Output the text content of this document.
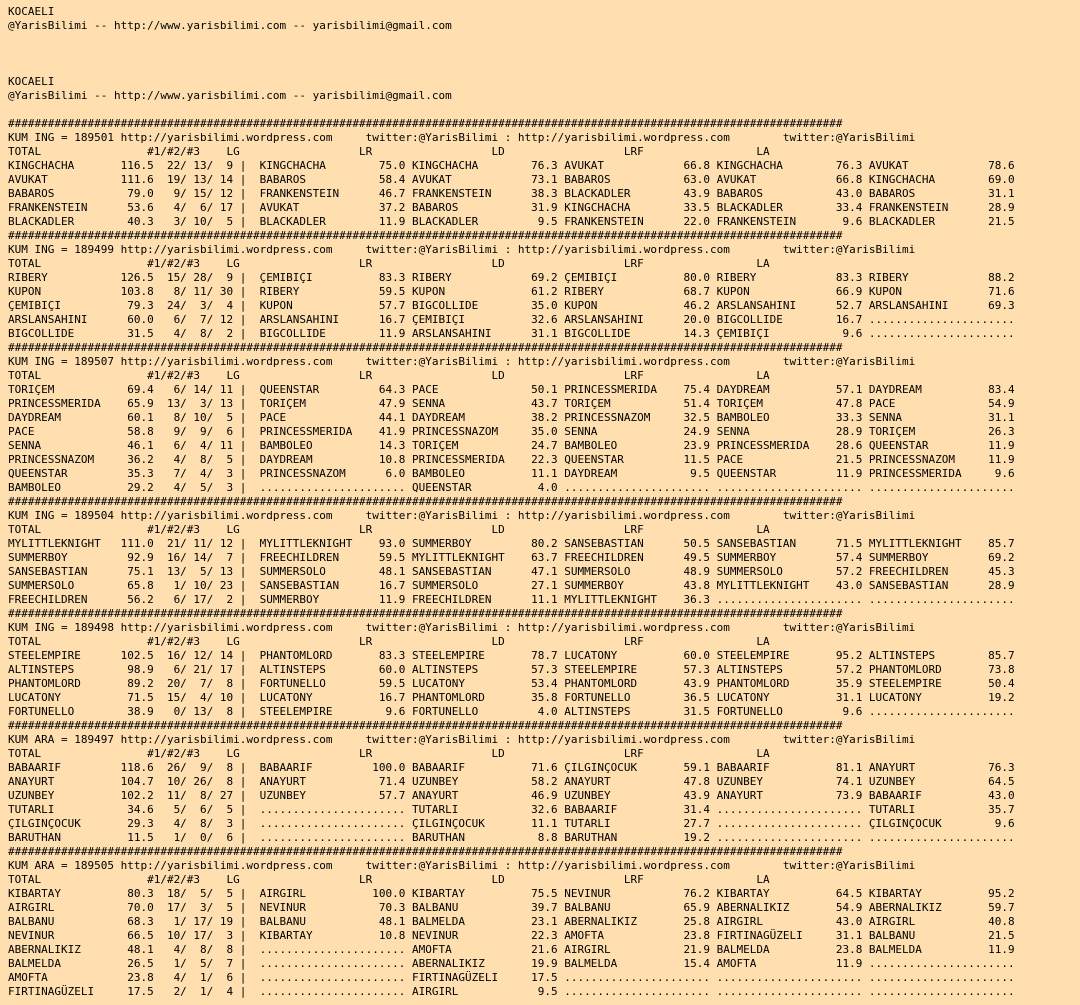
KOCAELI
@YarisBilimi -- http://www.yarisbilimi.com -- yarisbilimi@gmail.com

KOCAELI
@YarisBilimi -- http://www.yarisbilimi.com -- yarisbilimi@gmail.com

##############################################################################################################################
KUM ING = 189501 http://yarisbilimi.wordpress.com     twitter:@YarisBilimi : http://yarisbilimi.wordpress.com        twitter:@YarisBilimi
TOTAL                #1/#2/#3    LG                  LR                  LD                  LRF                 LA
KINGCHACHA       116.5  22/ 13/  9 |  KINGCHACHA        75.0 KINGCHACHA        76.3 AVUKAT            66.8 KINGCHACHA        76.3 AVUKAT            78.6
AVUKAT           111.6  19/ 13/ 14 |  BABAROS           58.4 AVUKAT            73.1 BABAROS           63.0 AVUKAT            66.8 KINGCHACHA        69.0
BABAROS           79.0   9/ 15/ 12 |  FRANKENSTEIN      46.7 FRANKENSTEIN      38.3 BLACKADLER        43.9 BABAROS           43.0 BABAROS           31.1
FRANKENSTEIN      53.6   4/  6/ 17 |  AVUKAT            37.2 BABAROS           31.9 KINGCHACHA        33.5 BLACKADLER        33.4 FRANKENSTEIN      28.9
BLACKADLER        40.3   3/ 10/  5 |  BLACKADLER        11.9 BLACKADLER         9.5 FRANKENSTEIN      22.0 FRANKENSTEIN       9.6 BLACKADLER        21.5
##############################################################################################################################
KUM ING = 189499 http://yarisbilimi.wordpress.com     twitter:@YarisBilimi : http://yarisbilimi.wordpress.com        twitter:@YarisBilimi
TOTAL                #1/#2/#3    LG                  LR                  LD                  LRF                 LA
RIBERY           126.5  15/ 28/  9 |  ÇEMIBIÇI          83.3 RIBERY            69.2 ÇEMIBIÇI          80.0 RIBERY            83.3 RIBERY            88.2
KUPON            103.8   8/ 11/ 30 |  RIBERY            59.5 KUPON             61.2 RIBERY            68.7 KUPON             66.9 KUPON             71.6
ÇEMIBIÇI          79.3  24/  3/  4 |  KUPON             57.7 BIGCOLLIDE        35.0 KUPON             46.2 ARSLANSAHINI      52.7 ARSLANSAHINI      69.3
ARSLANSAHINI      60.0   6/  7/ 12 |  ARSLANSAHINI      16.7 ÇEMIBIÇI          32.6 ARSLANSAHINI      20.0 BIGCOLLIDE        16.7 ......................
BIGCOLLIDE        31.5   4/  8/  2 |  BIGCOLLIDE        11.9 ARSLANSAHINI      31.1 BIGCOLLIDE        14.3 ÇEMIBIÇI           9.6 ......................
##############################################################################################################################
KUM ING = 189507 http://yarisbilimi.wordpress.com     twitter:@YarisBilimi : http://yarisbilimi.wordpress.com        twitter:@YarisBilimi
TOTAL                #1/#2/#3    LG                  LR                  LD                  LRF                 LA
TORIÇEM           69.4   6/ 14/ 11 |  QUEENSTAR         64.3 PACE              50.1 PRINCESSMERIDA    75.4 DAYDREAM          57.1 DAYDREAM          83.4
PRINCESSMERIDA    65.9  13/  3/ 13 |  TORIÇEM           47.9 SENNA             43.7 TORIÇEM           51.4 TORIÇEM           47.8 PACE              54.9
DAYDREAM          60.1   8/ 10/  5 |  PACE              44.1 DAYDREAM          38.2 PRINCESSNAZOM     32.5 BAMBOLEO          33.3 SENNA             31.1
PACE              58.8   9/  9/  6 |  PRINCESSMERIDA    41.9 PRINCESSNAZOM     35.0 SENNA             24.9 SENNA             28.9 TORIÇEM           26.3
SENNA             46.1   6/  4/ 11 |  BAMBOLEO          14.3 TORIÇEM           24.7 BAMBOLEO          23.9 PRINCESSMERIDA    28.6 QUEENSTAR         11.9
PRINCESSNAZOM     36.2   4/  8/  5 |  DAYDREAM          10.8 PRINCESSMERIDA    22.3 QUEENSTAR         11.5 PACE              21.5 PRINCESSNAZOM     11.9
QUEENSTAR         35.3   7/  4/  3 |  PRINCESSNAZOM      6.0 BAMBOLEO          11.1 DAYDREAM           9.5 QUEENSTAR         11.9 PRINCESSMERIDA     9.6
BAMBOLEO          29.2   4/  5/  3 |  ...................... QUEENSTAR          4.0 ...................... ...................... ......................
##############################################################################################################################
KUM ING = 189504 http://yarisbilimi.wordpress.com     twitter:@YarisBilimi : http://yarisbilimi.wordpress.com        twitter:@YarisBilimi
TOTAL                #1/#2/#3    LG                  LR                  LD                  LRF                 LA
MYLITTLEKNIGHT   111.0  21/ 11/ 12 |  MYLITTLEKNIGHT    93.0 SUMMERBOY         80.2 SANSEBASTIAN      50.5 SANSEBASTIAN      71.5 MYLITTLEKNIGHT    85.7
SUMMERBOY         92.9  16/ 14/  7 |  FREECHILDREN      59.5 MYLITTLEKNIGHT    63.7 FREECHILDREN      49.5 SUMMERBOY         57.4 SUMMERBOY         69.2
SANSEBASTIAN      75.1  13/  5/ 13 |  SUMMERSOLO        48.1 SANSEBASTIAN      47.1 SUMMERSOLO        48.9 SUMMERSOLO        57.2 FREECHILDREN      45.3
SUMMERSOLO        65.8   1/ 10/ 23 |  SANSEBASTIAN      16.7 SUMMERSOLO        27.1 SUMMERBOY         43.8 MYLITTLEKNIGHT    43.0 SANSEBASTIAN      28.9
FREECHILDREN      56.2   6/ 17/  2 |  SUMMERBOY         11.9 FREECHILDREN      11.1 MYLITTLEKNIGHT    36.3 ...................... ......................
##############################################################################################################################
KUM ING = 189498 http://yarisbilimi.wordpress.com     twitter:@YarisBilimi : http://yarisbilimi.wordpress.com        twitter:@YarisBilimi
TOTAL                #1/#2/#3    LG                  LR                  LD                  LRF                 LA
STEELEMPIRE      102.5  16/ 12/ 14 |  PHANTOMLORD       83.3 STEELEMPIRE       78.7 LUCATONY          60.0 STEELEMPIRE       95.2 ALTINSTEPS        85.7
ALTINSTEPS        98.9   6/ 21/ 17 |  ALTINSTEPS        60.0 ALTINSTEPS        57.3 STEELEMPIRE       57.3 ALTINSTEPS        57.2 PHANTOMLORD       73.8
PHANTOMLORD       89.2  20/  7/  8 |  FORTUNELLO        59.5 LUCATONY          53.4 PHANTOMLORD       43.9 PHANTOMLORD       35.9 STEELEMPIRE       50.4
LUCATONY          71.5  15/  4/ 10 |  LUCATONY          16.7 PHANTOMLORD       35.8 FORTUNELLO        36.5 LUCATONY          31.1 LUCATONY          19.2
FORTUNELLO        38.9   0/ 13/  8 |  STEELEMPIRE        9.6 FORTUNELLO         4.0 ALTINSTEPS        31.5 FORTUNELLO         9.6 ......................
##############################################################################################################################
KUM ARA = 189497 http://yarisbilimi.wordpress.com     twitter:@YarisBilimi : http://yarisbilimi.wordpress.com        twitter:@YarisBilimi
TOTAL                #1/#2/#3    LG                  LR                  LD                  LRF                 LA
BABAARIF         118.6  26/  9/  8 |  BABAARIF         100.0 BABAARIF          71.6 ÇILGINÇOCUK       59.1 BABAARIF          81.1 ANAYURT           76.3
ANAYURT          104.7  10/ 26/  8 |  ANAYURT           71.4 UZUNBEY           58.2 ANAYURT           47.8 UZUNBEY           74.1 UZUNBEY           64.5
UZUNBEY          102.2  11/  8/ 27 |  UZUNBEY           57.7 ANAYURT           46.9 UZUNBEY           43.9 ANAYURT           73.9 BABAARIF          43.0
TUTARLI           34.6   5/  6/  5 |  ...................... TUTARLI           32.6 BABAARIF          31.4 ...................... TUTARLI           35.7
ÇILGINÇOCUK       29.3   4/  8/  3 |  ...................... ÇILGINÇOCUK       11.1 TUTARLI           27.7 ...................... ÇILGINÇOCUK        9.6
BARUTHAN          11.5   1/  0/  6 |  ...................... BARUTHAN           8.8 BARUTHAN          19.2 ...................... ......................
##############################################################################################################################
KUM ARA = 189505 http://yarisbilimi.wordpress.com     twitter:@YarisBilimi : http://yarisbilimi.wordpress.com        twitter:@YarisBilimi
TOTAL                #1/#2/#3    LG                  LR                  LD                  LRF                 LA
KIBARTAY          80.3  18/  5/  5 |  AIRGIRL          100.0 KIBARTAY          75.5 NEVINUR           76.2 KIBARTAY          64.5 KIBARTAY          95.2
AIRGIRL           70.0  17/  3/  5 |  NEVINUR           70.3 BALBANU           39.7 BALBANU           65.9 ABERNALIKIZ       54.9 ABERNALIKIZ       59.7
BALBANU           68.3   1/ 17/ 19 |  BALBANU           48.1 BALMELDA          23.1 ABERNALIKIZ       25.8 AIRGIRL           43.0 AIRGIRL           40.8
NEVINUR           66.5  10/ 17/  3 |  KIBARTAY          10.8 NEVINUR           22.3 AMOFTA            23.8 FIRTINAGÜZELI     31.1 BALBANU           21.5
ABERNALIKIZ       48.1   4/  8/  8 |  ...................... AMOFTA            21.6 AIRGIRL           21.9 BALMELDA          23.8 BALMELDA          11.9
BALMELDA          26.5   1/  5/  7 |  ...................... ABERNALIKIZ       19.9 BALMELDA          15.4 AMOFTA            11.9 ......................
AMOFTA            23.8   4/  1/  6 |  ...................... FIRTINAGÜZELI     17.5 ...................... ...................... ......................
FIRTINAGÜZELI     17.5   2/  1/  4 |  ...................... AIRGIRL            9.5 ...................... ...................... ......................
